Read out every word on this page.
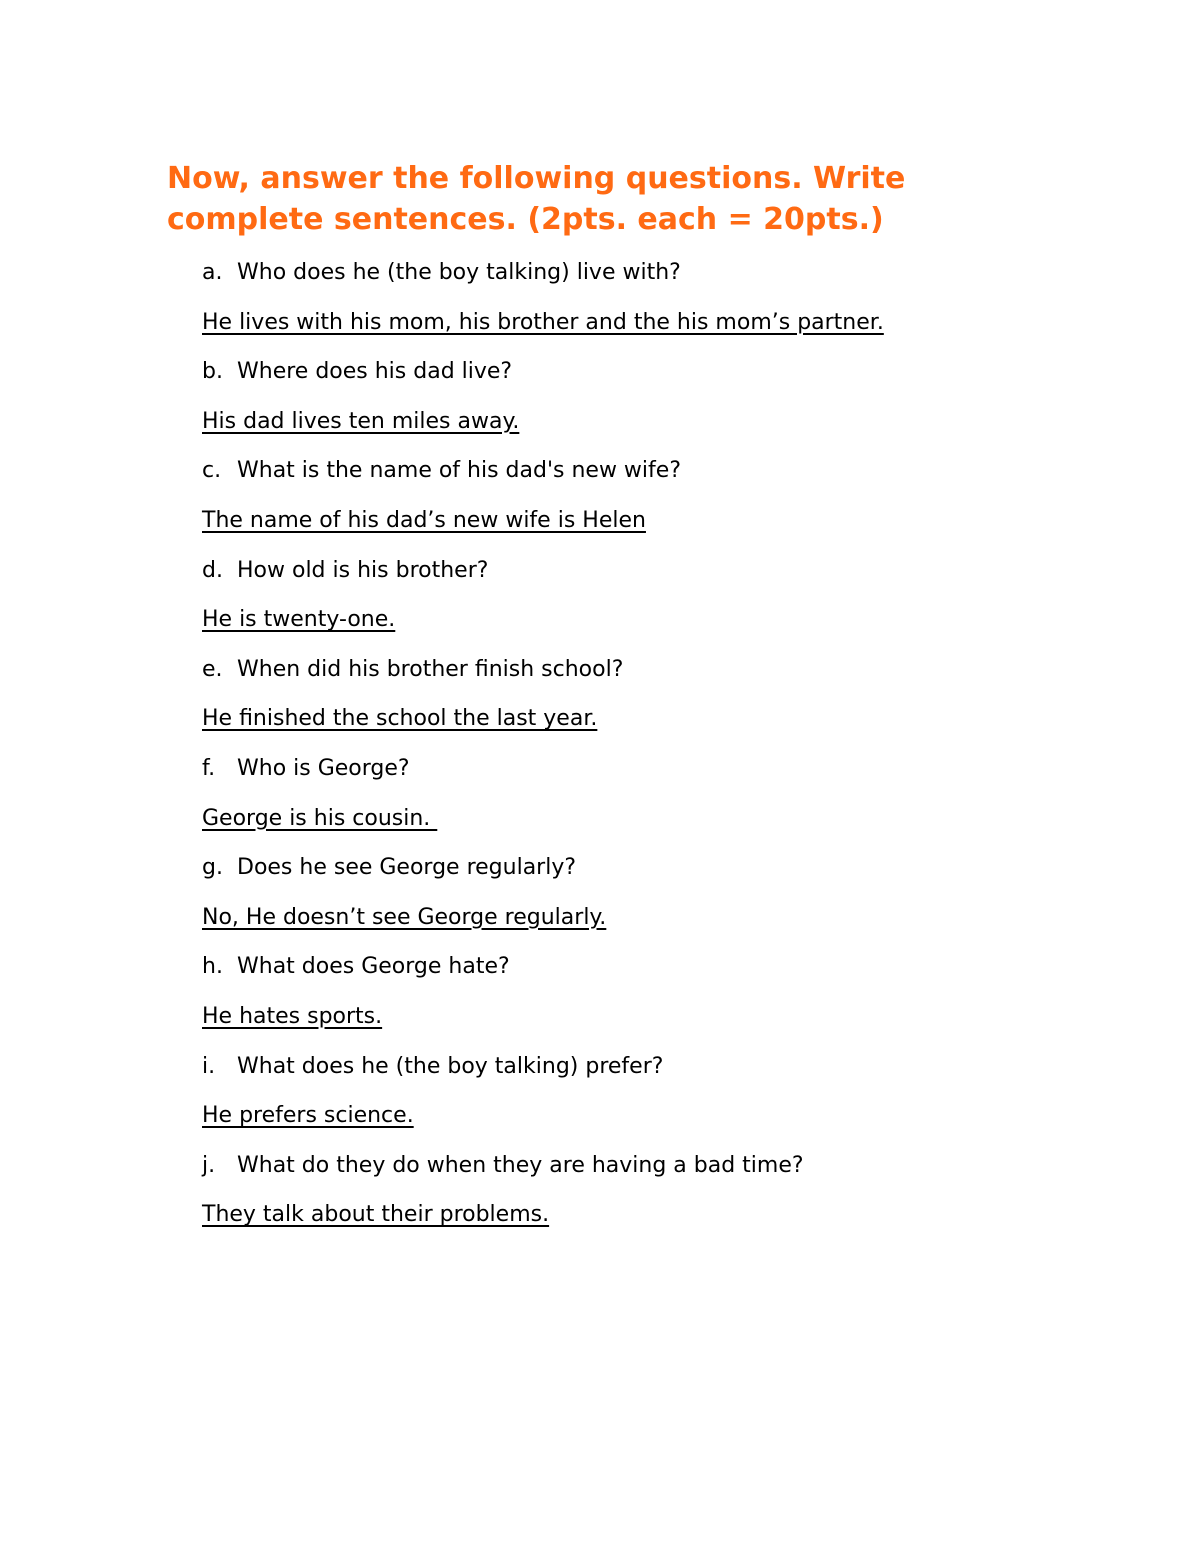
Now, answer the following questions. Write complete sentences. (2pts. each = 20pts.)
a. Who does he (the boy talking) live with?
He lives with his mom, his brother and the his mom’s partner.
b. Where does his dad live?
His dad lives ten miles away.
c. What is the name of his dad's new wife?
The name of his dad’s new wife is Helen
d. How old is his brother?
He is twenty-one.
e. When did his brother finish school?
He finished the school the last year.
f. Who is George?
George is his cousin.
g. Does he see George regularly?
No, He doesn’t see George regularly.
h. What does George hate?
He hates sports.
i. What does he (the boy talking) prefer?
He prefers science.
j. What do they do when they are having a bad time?
They talk about their problems.
